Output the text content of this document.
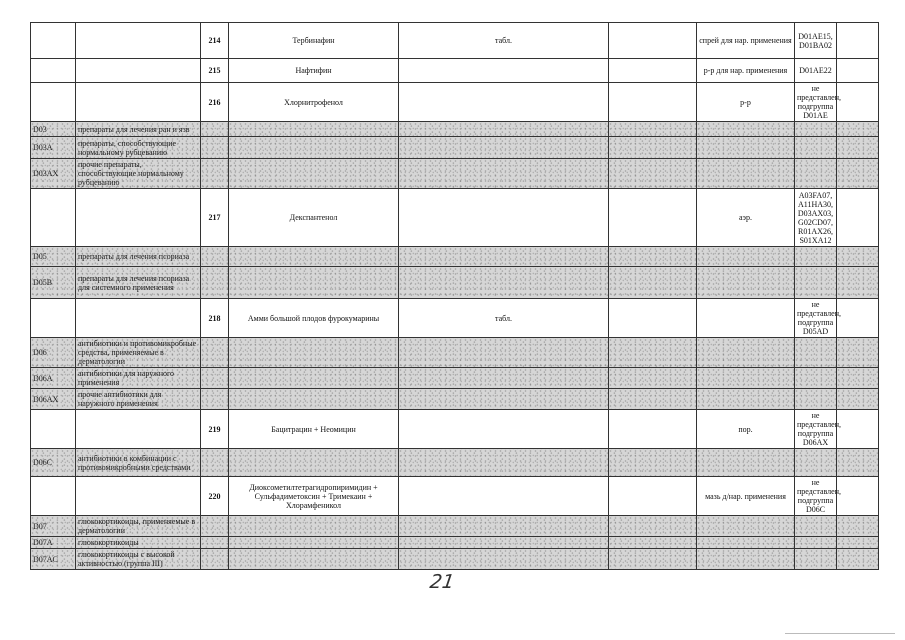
		214	Тербинафин	табл.		спрей для нар. применения	D01AE15, D01BA02	
		215	Нафтифин			р-р для нар. применения	D01AE22	
		216	Хлорнитрофенол			р-р	не представлен, подгруппа D01AE	
D03	препараты для лечения ран и язв							
D03A	препараты, способствующие нормальному рубцеванию							
D03AX	прочие препараты, способствующие нормальному рубцеванию							
		217	Декспантенол			аэр.	A03FA07, A11HA30, D03AX03, G02CD07, R01AX26, S01XA12	
D05	препараты для лечения псориаза							
D05B	препараты для лечения псориаза для системного применения							
		218	Амми большой плодов фурокумарины	табл.			не представлен, подгруппа D05AD	
D06	антибиотики и противомикробные средства, применяемые в дерматологии							
D06A	антибиотики для наружного применения							
D06AX	прочие антибиотики для наружного применения							
		219	Бацитрацин + Неомицин			пор.	не представлен, подгруппа D06AX	
D06C	антибиотики в комбинации с противомикробными средствами							
		220	Диоксометилтетрагидропиримидин + Сульфадиметоксин + Тримекаин + Хлорамфеникол			мазь д/нар. применения	не представлен, подгруппа D06C	
D07	глюкокортикоиды, применяемые в дерматологии							
D07A	глюкокортикоиды							
D07AC	глюкокортикоиды с высокой активностью (группа III)							
21
